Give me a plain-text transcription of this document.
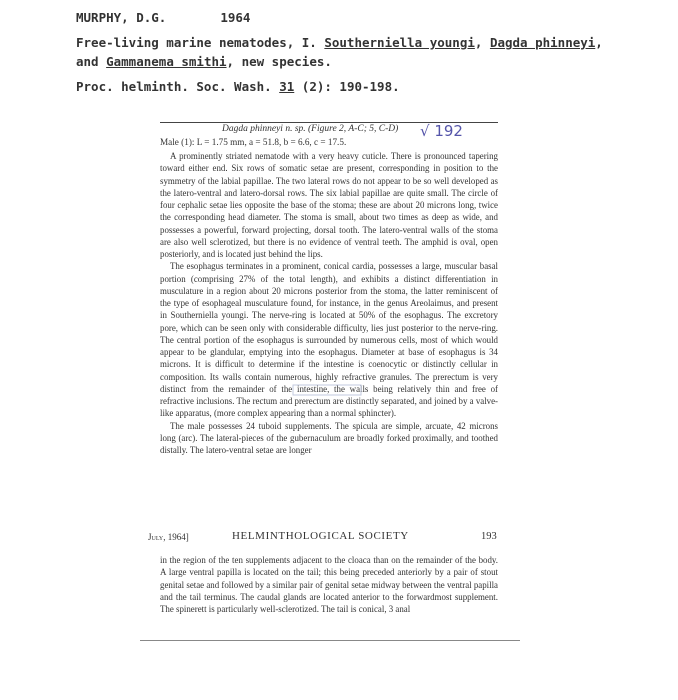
MURPHY, D.G.	1964
Free-living marine nematodes, I. Southerniella youngi, Dagda phinneyi,
and Gammanema smithi, new species.
Proc. helminth. Soc. Wash. 31 (2): 190-198.
Dagda phinneyi n. sp. (Figure 2, A-C; 5, C-D) √ 192
Male (1): L = 1.75 mm, a = 51.8, b = 6.6, c = 17.5.

A prominently striated nematode with a very heavy cuticle. There is pronounced tapering toward either end. Six rows of somatic setae are present, corresponding in position to the symmetry of the labial papillae. The two lateral rows do not appear to be so well developed as the latero-ventral and latero-dorsal rows. The six labial papillae are quite small. The circle of four cephalic setae lies opposite the base of the stoma; these are about 20 microns long, twice the corresponding head diameter. The stoma is small, about two times as deep as wide, and possesses a powerful, forward projecting, dorsal tooth. The latero-ventral walls of the stoma are also well sclerotized, but there is no evidence of ventral teeth. The amphid is oval, open posteriorly, and is located just behind the lips.

The esophagus terminates in a prominent, conical cardia, possesses a large, muscular basal portion (comprising 27% of the total length), and exhibits a distinct differentiation in musculature in a region about 20 microns posterior from the stoma, the latter reminiscent of the type of esophageal musculature found, for instance, in the genus Areolaimus, and present in Southerniella youngi. The nerve-ring is located at 50% of the esophagus. The excretory pore, which can be seen only with considerable difficulty, lies just posterior to the nerve-ring. The central portion of the esophagus is surrounded by numerous cells, most of which would appear to be glandular, emptying into the esophagus. Diameter at base of esophagus is 34 microns. It is difficult to determine if the intestine is coenocytic or distinctly cellular in composition. Its walls contain numerous, highly refractive granules. The prerectum is very distinct from the remainder of the intestine, the walls being relatively thin and free of refractive inclusions. The rectum and prerectum are distinctly separated, and joined by a valve-like apparatus, (more complex appearing than a normal sphincter).

The male possesses 24 tuboid supplements. The spicula are simple, arcuate, 42 microns long (arc). The lateral-pieces of the gubernaculum are broadly forked proximally, and toothed distally. The latero-ventral setae are longer

July, 1964]	HELMINTHOLOGICAL SOCIETY	193

in the region of the ten supplements adjacent to the cloaca than on the remainder of the body. A large ventral papilla is located on the tail; this being preceded anteriorly by a pair of stout genital setae and followed by a similar pair of genital setae midway between the ventral papilla and the tail terminus. The caudal glands are located anterior to the forwardmost supplement. The spinerett is particularly well-sclerotized. The tail is conical, 3 anal
